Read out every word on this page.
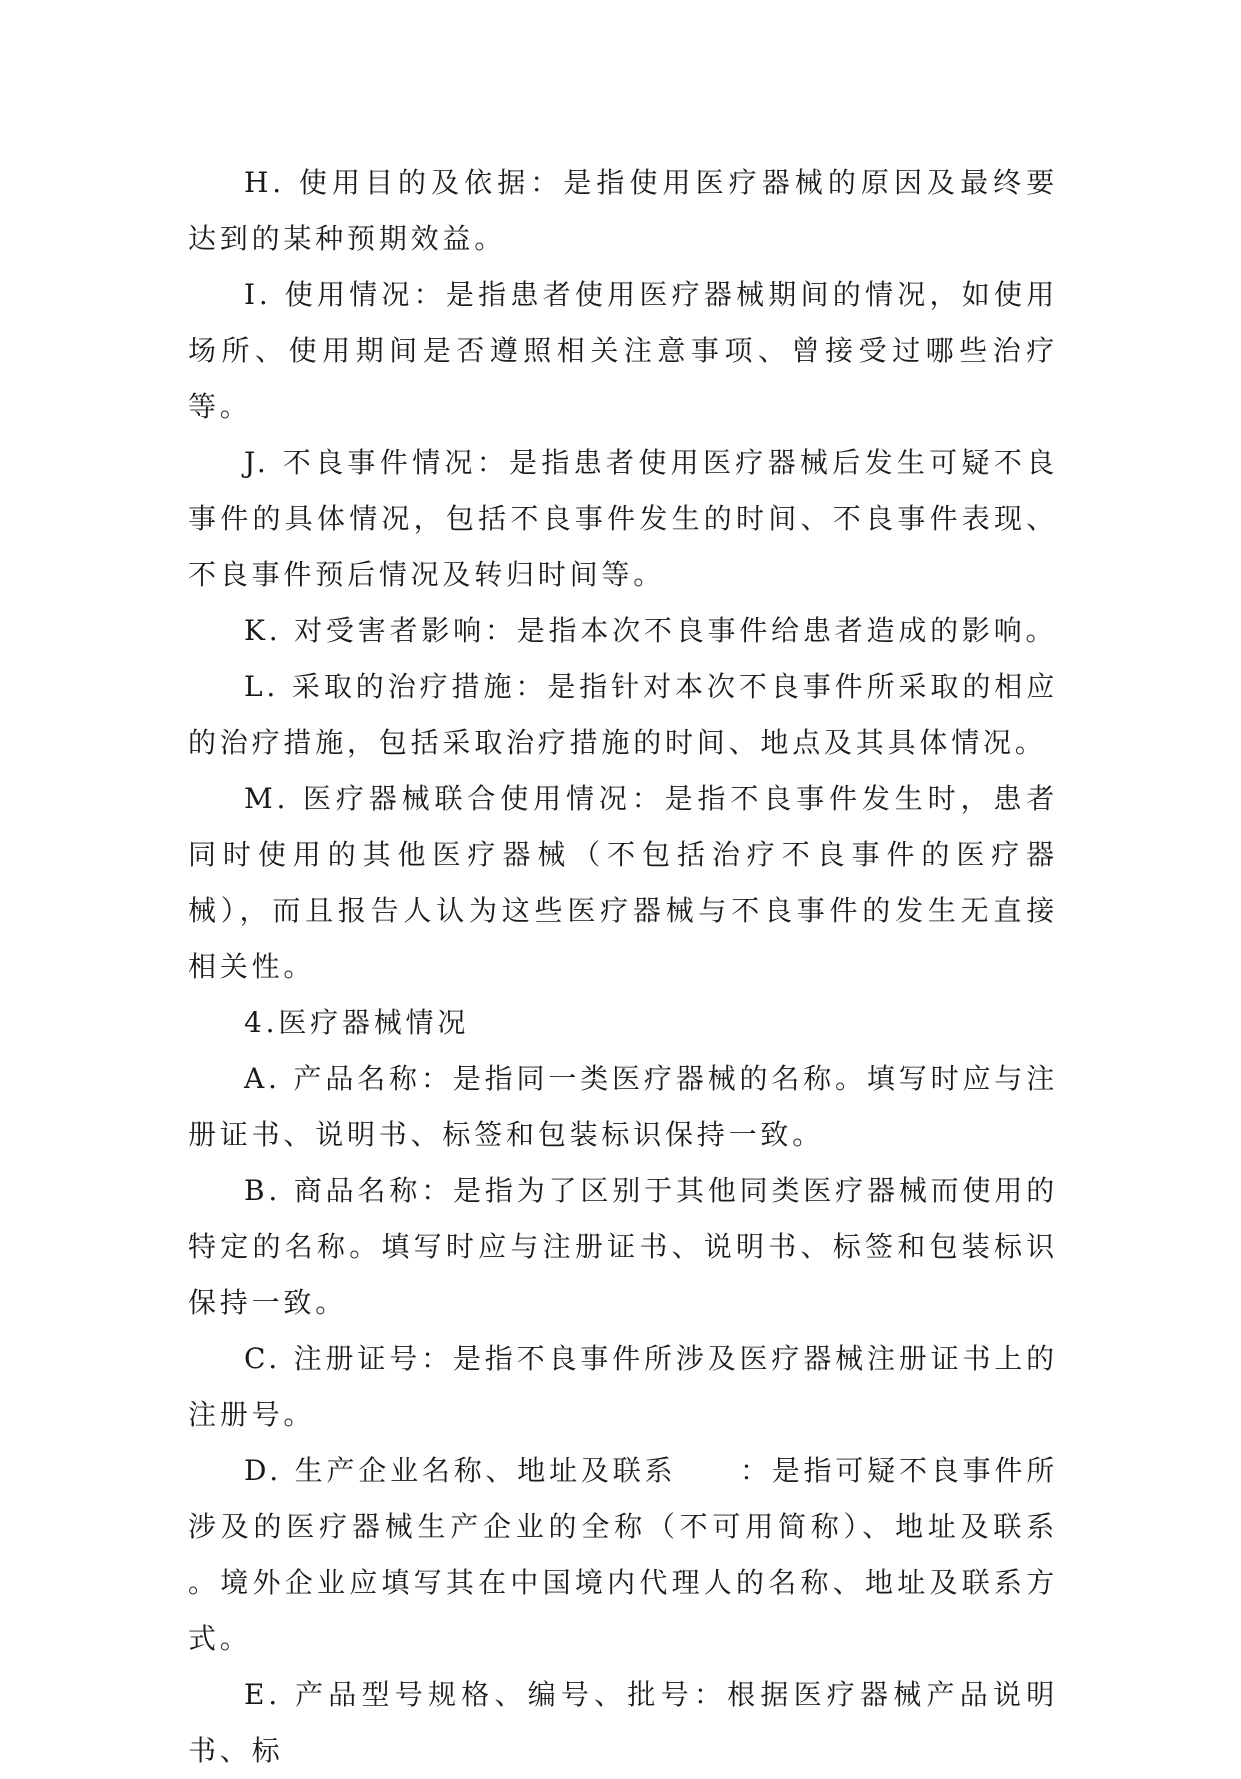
H. 使用目的及依据：是指使用医疗器械的原因及最终要达到的某种预期效益。

I. 使用情况：是指患者使用医疗器械期间的情况，如使用场所、使用期间是否遵照相关注意事项、曾接受过哪些治疗等。

J. 不良事件情况：是指患者使用医疗器械后发生可疑不良事件的具体情况，包括不良事件发生的时间、不良事件表现、不良事件预后情况及转归时间等。

K. 对受害者影响：是指本次不良事件给患者造成的影响。

L. 采取的治疗措施：是指针对本次不良事件所采取的相应的治疗措施，包括采取治疗措施的时间、地点及其具体情况。

M. 医疗器械联合使用情况：是指不良事件发生时，患者同时使用的其他医疗器械（不包括治疗不良事件的医疗器械），而且报告人认为这些医疗器械与不良事件的发生无直接相关性。

4.医疗器械情况

A. 产品名称：是指同一类医疗器械的名称。填写时应与注册证书、说明书、标签和包装标识保持一致。

B. 商品名称：是指为了区别于其他同类医疗器械而使用的特定的名称。填写时应与注册证书、说明书、标签和包装标识保持一致。

C. 注册证号：是指不良事件所涉及医疗器械注册证书上的注册号。

D. 生产企业名称、地址及联系　　：是指可疑不良事件所涉及的医疗器械生产企业的全称（不可用简称）、地址及联系　　。境外企业应填写其在中国境内代理人的名称、地址及联系方式。

E. 产品型号规格、编号、批号：根据医疗器械产品说明书、标
